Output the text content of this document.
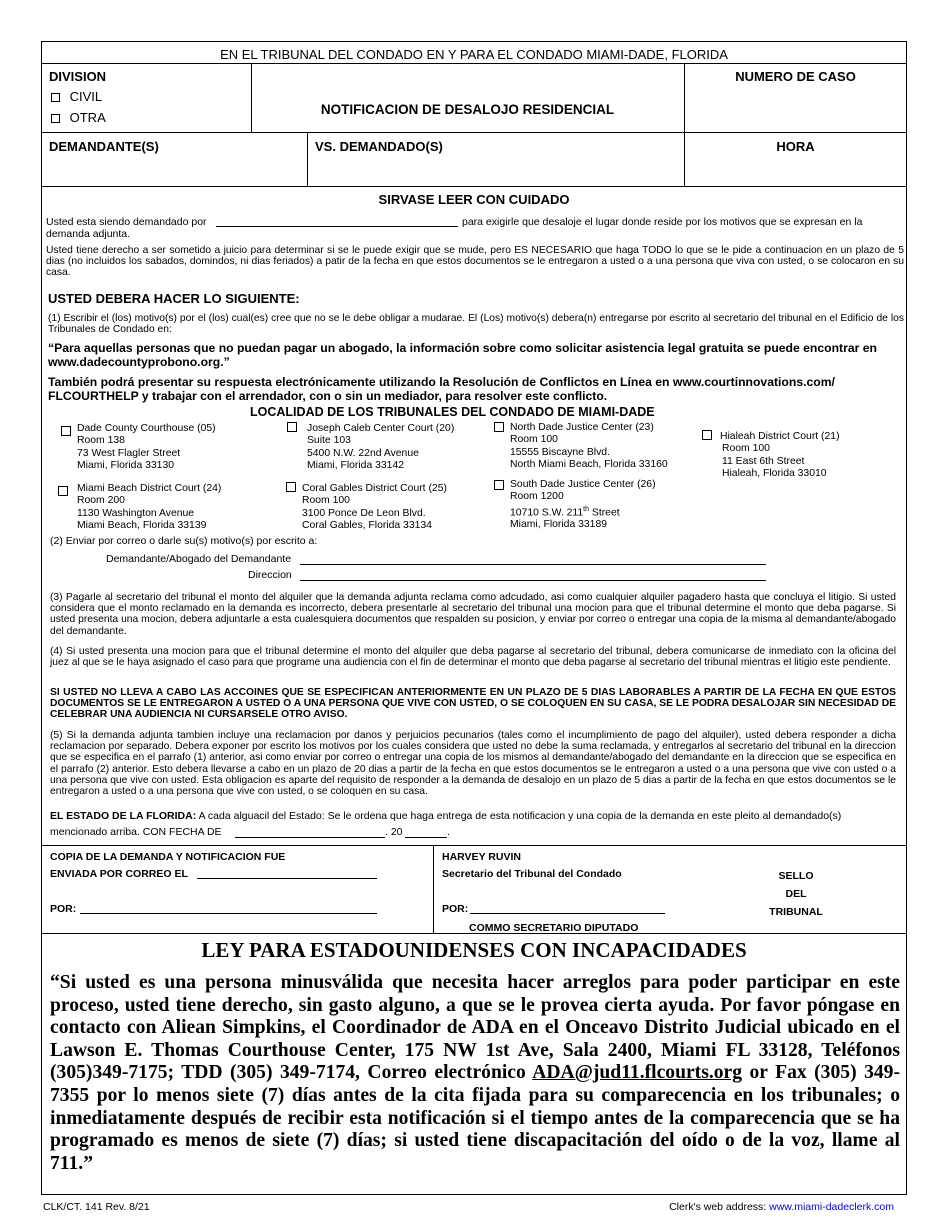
EN EL TRIBUNAL DEL CONDADO EN Y PARA EL CONDADO MIAMI-DADE, FLORIDA
DIVISION
CIVIL
OTRA
NOTIFICACION DE DESALOJO RESIDENCIAL
NUMERO DE CASO
DEMANDANTE(S)	VS. DEMANDADO(S)	HORA
SIRVASE LEER CON CUIDADO
Usted esta siendo demandado por	para exigirle que desaloje el lugar donde reside por los motivos que se expresan en la
demanda adjunta.
Usted tiene derecho a ser sometido a juicio para determinar si se le puede exigir que se mude, pero ES NECESARIO que haga TODO lo que se le pide a continuacion en un plazo de 5 dias (no incluidos los sabados, domindos, ni dias feriados) a patir de la fecha en que estos documentos se le entregaron a usted o a una persona que viva con usted, o se colocaron en su casa.
USTED DEBERA HACER LO SIGUIENTE:
(1) Escribir el (los) motivo(s) por el (los) cual(es) cree que no se le debe obligar a mudarae. El (Los) motivo(s) debera(n) entregarse por escrito al secretario del tribunal en el Edificio de los Tribunales de Condado en:
“Para aquellas personas que no puedan pagar un abogado, la información sobre como solicitar asistencia legal gratuita se puede encontrar en www.dadecountyprobono.org.”
También podrá presentar su respuesta electrónicamente utilizando la Resolución de Conflictos en Línea en www.courtinnovations.com/ FLCOURTHELP y trabajar con el arrendador, con o sin un mediador, para resolver este conflicto.
LOCALIDAD DE LOS TRIBUNALES DEL CONDADO DE MIAMI-DADE
Dade County Courthouse (05)
Room 138
73 West Flagler Street
Miami, Florida 33130
Joseph Caleb Center Court (20)
Suite 103
5400 N.W. 22nd Avenue
Miami, Florida 33142
North Dade Justice Center (23)
Room 100
15555 Biscayne Blvd.
North Miami Beach, Florida 33160
Hialeah District Court (21)
Room 100
11 East 6th Street
Hialeah, Florida 33010
Miami Beach District Court (24)
Room 200
1130 Washington Avenue
Miami Beach, Florida 33139
Coral Gables District Court (25)
Room 100
3100 Ponce De Leon Blvd.
Coral Gables, Florida 33134
South Dade Justice Center (26)
Room 1200
10710 S.W. 211th Street
Miami, Florida 33189
(2) Enviar por correo o darle su(s) motivo(s) por escrito a:
Demandante/Abogado del Demandante
Direccion
(3) Pagarle al secretario del tribunal el monto del alquiler que la demanda adjunta reclama como adcudado, asi como cualquier alquiler pagadero hasta que concluya el litigio. Si usted considera que el monto reclamado en la demanda es incorrecto, debera presentarle al secretario del tribunal una mocion para que el tribunal determine el monto que deba pagarse. Si usted presenta una mocion, debera adjuntarle a esta cualesquiera documentos que respalden su posicion, y enviar por correo o entregar una copia de la misma al demandante/abogado del demandante.
(4) Si usted presenta una mocion para que el tribunal determine el monto del alquiler que deba pagarse al secretario del tribunal, debera comunicarse de inmediato con la oficina del juez al que se le haya asignado el caso para que programe una audiencia con el fin de determinar el monto que deba pagarse al secretario del tribunal mientras el litigio este pendiente.
SI USTED NO LLEVA A CABO LAS ACCOINES QUE SE ESPECIFICAN ANTERIORMENTE EN UN PLAZO DE 5 DIAS LABORABLES A PARTIR DE LA FECHA EN QUE ESTOS DOCUMENTOS SE LE ENTREGARON A USTED O A UNA PERSONA QUE VIVE CON USTED, O SE COLOQUEN EN SU CASA, SE LE PODRA DESALOJAR SIN NECESIDAD DE CELEBRAR UNA AUDIENCIA NI CURSARSELE OTRO AVISO.
(5) Si la demanda adjunta tambien incluye una reclamacion por danos y perjuicios pecunarios (tales como el incumplimiento de pago del alquiler), usted debera responder a dicha reclamacion por separado. Debera exponer por escrito los motivos por los cuales considera que usted no debe la suma reclamada, y entregarlos al secretario del tribunal en la direccion que se especifica en el parrafo (1) anterior, asi como enviar por correo o entregar una copia de los mismos al demandante/abogado del demandante en la direccion que se especifica en el parrafo (2) anterior. Esto debera llevarse a cabo en un plazo de 20 dias a partir de la fecha en que estos documentos se le entregaron a usted o a una persona que vive con usted o a una persona que vive con usted. Esta obligacion es aparte del requisito de responder a la demanda de desalojo en un plazo de 5 dias a partir de la fecha en que estos documentos se le entregaron a usted o a una persona que vive con usted, o se coloquen en su casa.
EL ESTADO DE LA FLORIDA: A cada alguacil del Estado: Se le ordena que haga entrega de esta notificacion y una copia de la demanda en este pleito al demandado(s)
mencionado arriba. CON FECHA DE	. 20	.
COPIA DE LA DEMANDA Y NOTIFICACION FUE
ENVIADA POR CORREO EL
POR:
HARVEY RUVIN
Secretario del Tribunal del Condado
POR:
COMMO SECRETARIO DIPUTADO
SELLO
DEL
TRIBUNAL
LEY PARA ESTADOUNIDENSES CON INCAPACIDADES
“Si usted es una persona minusválida que necesita hacer arreglos para poder participar en este proceso, usted tiene derecho, sin gasto alguno, a que se le provea cierta ayuda. Por favor póngase en contacto con Aliean Simpkins, el Coordinador de ADA en el Onceavo Distrito Judicial ubicado en el Lawson E. Thomas Courthouse Center, 175 NW 1st Ave, Sala 2400, Miami FL 33128, Teléfonos (305)349-7175; TDD (305) 349-7174, Correo electrónico ADA@jud11.flcourts.org or Fax (305) 349-7355 por lo menos siete (7) días antes de la cita fijada para su comparecencia en los tribunales; o inmediatamente después de recibir esta notificación si el tiempo antes de la comparecencia que se ha programado es menos de siete (7) días; si usted tiene discapacitación del oído o de la voz, llame al 711.”
CLK/CT. 141 Rev. 8/21	Clerk's web address: www.miami-dadeclerk.com
